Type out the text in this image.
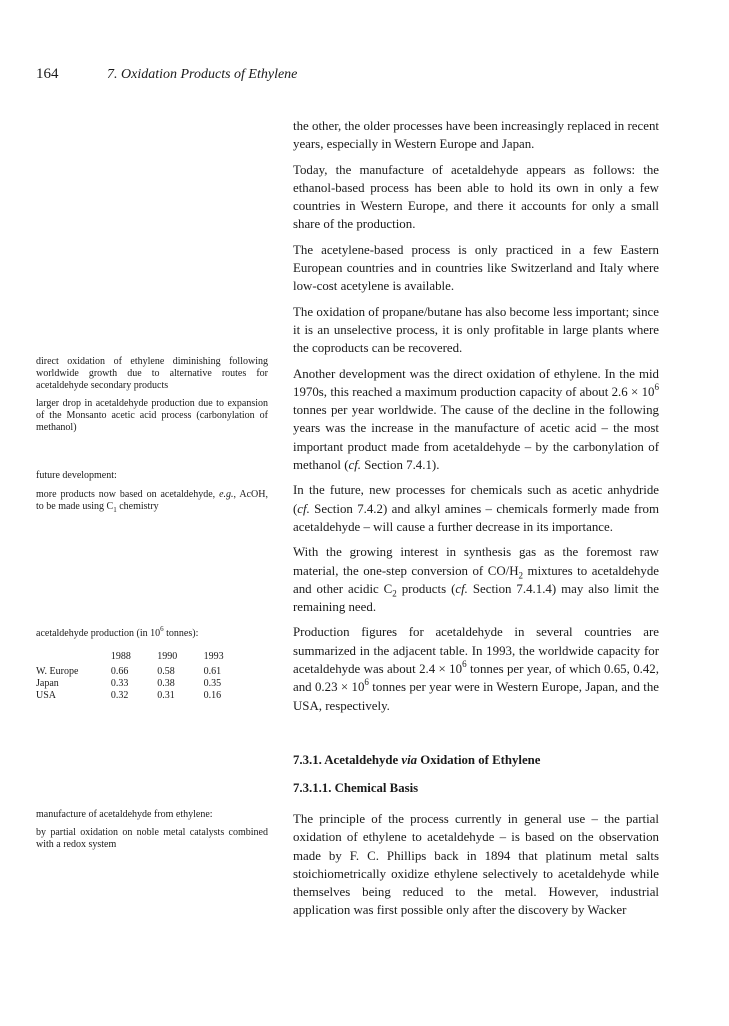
164	7. Oxidation Products of Ethylene

the other, the older processes have been increasingly replaced in recent years, especially in Western Europe and Japan.

Today, the manufacture of acetaldehyde appears as follows: the ethanol-based process has been able to hold its own in only a few countries in Western Europe, and there it accounts for only a small share of the production.

The acetylene-based process is only practiced in a few Eastern European countries and in countries like Switzerland and Italy where low-cost acetylene is available.

The oxidation of propane/butane has also become less important; since it is an unselective process, it is only profitable in large plants where the coproducts can be recovered.

Another development was the direct oxidation of ethylene. In the mid 1970s, this reached a maximum production capacity of about $2.6 \times 10^6$ tonnes per year worldwide. The cause of the decline in the following years was the increase in the manufacture of acetic acid – the most important product made from acetaldehyde – by the carbonylation of methanol (cf. Section 7.4.1).

In the future, new processes for chemicals such as acetic anhydride (cf. Section 7.4.2) and alkyl amines – chemicals formerly made from acetaldehyde – will cause a further decrease in its importance.

With the growing interest in synthesis gas as the foremost raw material, the one-step conversion of $CO/H_2$ mixtures to acetaldehyde and other acidic $C_2$ products (cf. Section 7.4.1.4) may also limit the remaining need.

Production figures for acetaldehyde in several countries are summarized in the adjacent table. In 1993, the worldwide capacity for acetaldehyde was about $2.4 \times 10^6$ tonnes per year, of which 0.65, 0.42, and $0.23 \times 10^6$ tonnes per year were in Western Europe, Japan, and the USA, respectively.

7.3.1. Acetaldehyde via Oxidation of Ethylene
7.3.1.1. Chemical Basis

The principle of the process currently in general use – the partial oxidation of ethylene to acetaldehyde – is based on the observation made by F. C. Phillips back in 1894 that platinum metal salts stoichiometrically oxidize ethylene selectively to acetaldehyde while themselves being reduced to the metal. However, industrial application was first possible only after the discovery by Wacker

direct oxidation of ethylene diminishing following worldwide growth due to alternative routes for acetaldehyde secondary products

larger drop in acetaldehyde production due to expansion of the Monsanto acetic acid process (carbonylation of methanol)

future development:

more products now based on acetaldehyde, e.g., AcOH, to be made using $C_1$ chemistry

acetaldehyde production (in $10^6$ tonnes):

	1988	1990	1993
W. Europe	0.66	0.58	0.61
Japan	0.33	0.38	0.35
USA	0.32	0.31	0.16

manufacture of acetaldehyde from ethylene:

by partial oxidation on noble metal catalysts combined with a redox system
